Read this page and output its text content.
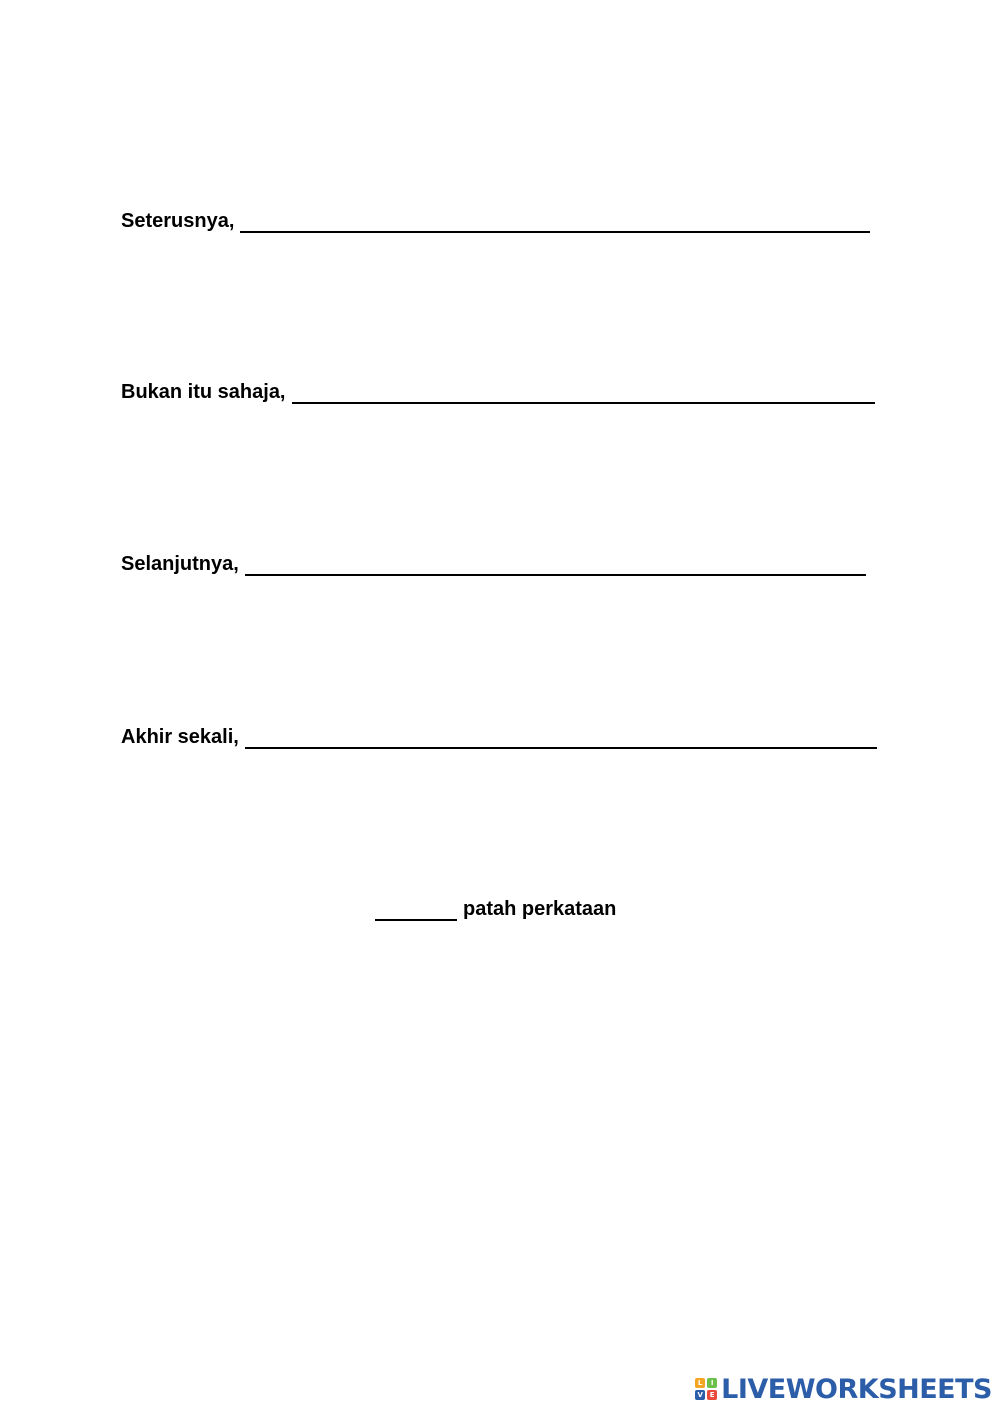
Seterusnya,
Bukan itu sahaja,
Selanjutnya,
Akhir sekali,
patah perkataan
L	I
V E LIVEWORKSHEETS
